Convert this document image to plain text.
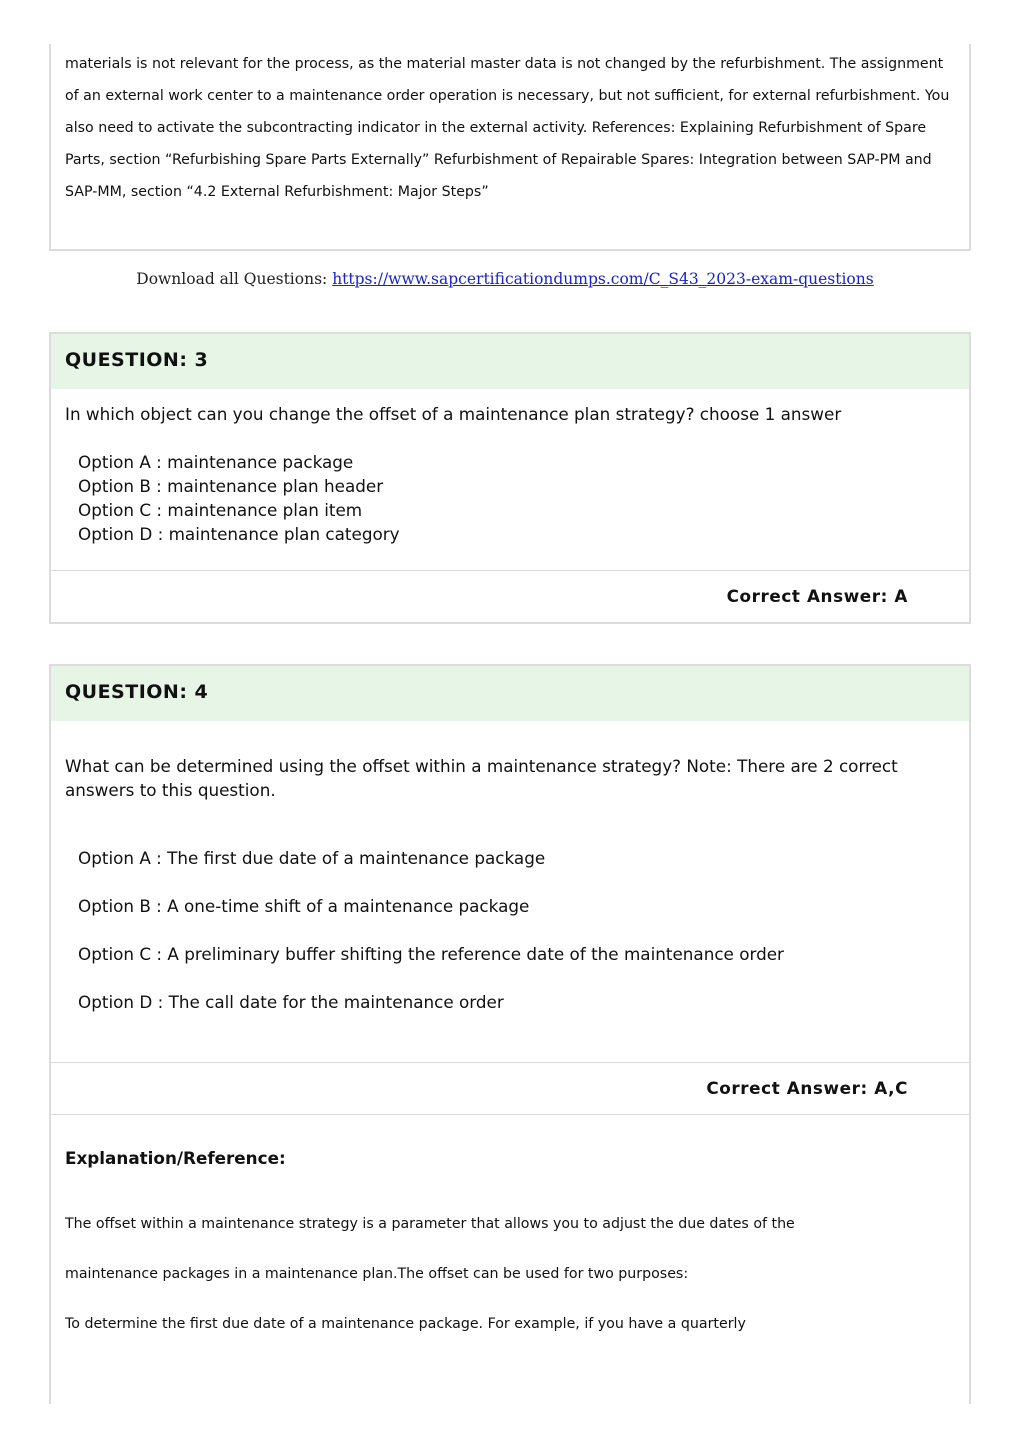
materials is not relevant for the process, as the material master data is not changed by the refurbishment. The assignment of an external work center to a maintenance order operation is necessary, but not sufficient, for external refurbishment. You also need to activate the subcontracting indicator in the external activity. References: Explaining Refurbishment of Spare Parts, section “Refurbishing Spare Parts Externally” Refurbishment of Repairable Spares: Integration between SAP-PM and SAP-MM, section “4.2 External Refurbishment: Major Steps”
Download all Questions: https://www.sapcertificationdumps.com/C_S43_2023-exam-questions
QUESTION: 3
In which object can you change the offset of a maintenance plan strategy? choose 1 answer
Option A : maintenance package
Option B : maintenance plan header
Option C : maintenance plan item
Option D : maintenance plan category
Correct Answer: A
QUESTION: 4
What can be determined using the offset within a maintenance strategy? Note: There are 2 correct answers to this question.
Option A : The first due date of a maintenance package
Option B : A one-time shift of a maintenance package
Option C : A preliminary buffer shifting the reference date of the maintenance order
Option D : The call date for the maintenance order
Correct Answer: A,C
Explanation/Reference:
The offset within a maintenance strategy is a parameter that allows you to adjust the due dates of the
maintenance packages in a maintenance plan.The offset can be used for two purposes:
To determine the first due date of a maintenance package. For example, if you have a quarterly
